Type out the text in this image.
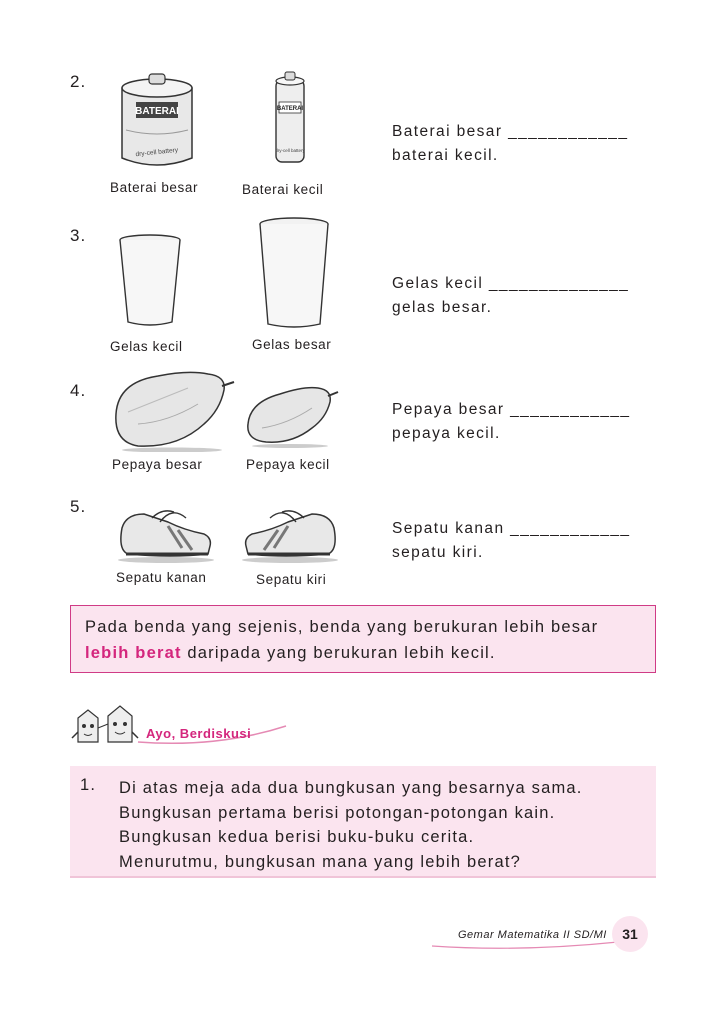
2.
BATERAI
dry-cell battery
BATERAI
dry-cell battery
Baterai besar	Baterai kecil
Baterai besar ____________
baterai kecil.
3.
Gelas kecil	Gelas besar
Gelas kecil ______________
gelas besar.
4.
Pepaya besar	Pepaya kecil
Pepaya besar ____________
pepaya kecil.
5.
Sepatu kanan	Sepatu kiri
Sepatu kanan ____________
sepatu kiri.
Pada benda yang sejenis, benda yang berukuran lebih besar
lebih berat daripada yang berukuran lebih kecil.
Ayo, Berdiskusi
1. Di atas meja ada dua bungkusan yang besarnya sama.
Bungkusan pertama berisi potongan-potongan kain.
Bungkusan kedua berisi buku-buku cerita.
Menurutmu, bungkusan mana yang lebih berat?
Gemar Matematika II SD/MI	31
